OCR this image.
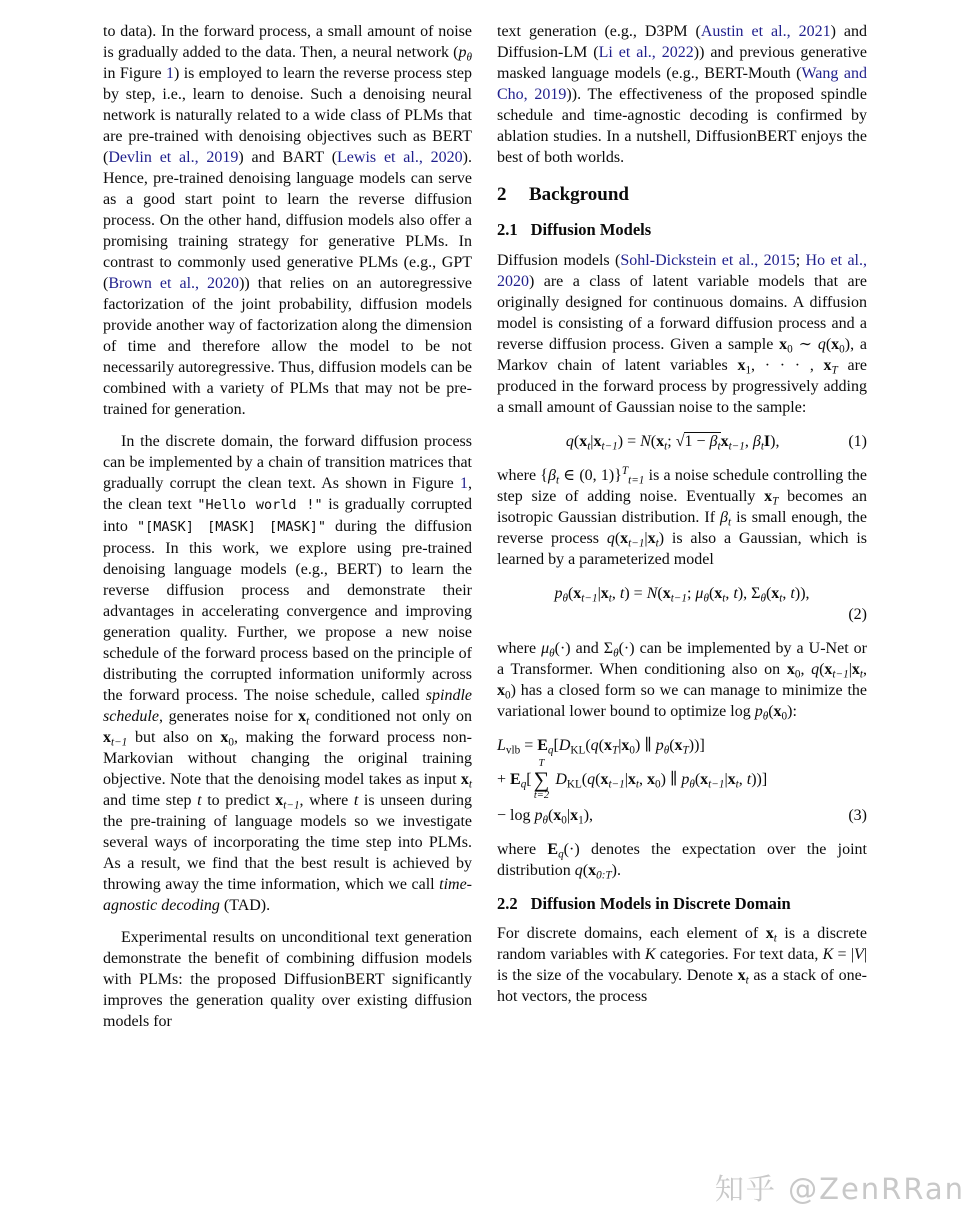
to data). In the forward process, a small amount of noise is gradually added to the data. Then, a neural network ($p_\theta$ in Figure 1) is employed to learn the reverse process step by step, i.e., learn to denoise. Such a denoising neural network is naturally related to a wide class of PLMs that are pre-trained with denoising objectives such as BERT (Devlin et al., 2019) and BART (Lewis et al., 2020). Hence, pre-trained denoising language models can serve as a good start point to learn the reverse diffusion process. On the other hand, diffusion models also offer a promising training strategy for generative PLMs. In contrast to commonly used generative PLMs (e.g., GPT (Brown et al., 2020)) that relies on an autoregressive factorization of the joint probability, diffusion models provide another way of factorization along the dimension of time and therefore allow the model to be not necessarily autoregressive. Thus, diffusion models can be combined with a variety of PLMs that may not be pre-trained for generation.

In the discrete domain, the forward diffusion process can be implemented by a chain of transition matrices that gradually corrupt the clean text. As shown in Figure 1, the clean text "Hello world !" is gradually corrupted into "[MASK] [MASK] [MASK]" during the diffusion process. In this work, we explore using pre-trained denoising language models (e.g., BERT) to learn the reverse diffusion process and demonstrate their advantages in accelerating convergence and improving generation quality. Further, we propose a new noise schedule of the forward process based on the principle of distributing the corrupted information uniformly across the forward process. The noise schedule, called spindle schedule, generates noise for $x_t$ conditioned not only on $x_{t-1}$ but also on $x_0$, making the forward process non-Markovian without changing the original training objective. Note that the denoising model takes as input $x_t$ and time step t to predict $x_{t-1}$, where t is unseen during the pre-training of language models so we investigate several ways of incorporating the time step into PLMs. As a result, we find that the best result is achieved by throwing away the time information, which we call time-agnostic decoding (TAD).

Experimental results on unconditional text generation demonstrate the benefit of combining diffusion models with PLMs: the proposed DiffusionBERT significantly improves the generation quality over existing diffusion models for

text generation (e.g., D3PM (Austin et al., 2021) and Diffusion-LM (Li et al., 2022)) and previous generative masked language models (e.g., BERT-Mouth (Wang and Cho, 2019)). The effectiveness of the proposed spindle schedule and time-agnostic decoding is confirmed by ablation studies. In a nutshell, DiffusionBERT enjoys the best of both worlds.

2 Background
2.1 Diffusion Models

Diffusion models (Sohl-Dickstein et al., 2015; Ho et al., 2020) are a class of latent variable models that are originally designed for continuous domains. A diffusion model is consisting of a forward diffusion process and a reverse diffusion process. Given a sample $x_0$ ∼ $q(x_0)$, a Markov chain of latent variables $x_1$, · · · , $x_T$ are produced in the forward process by progressively adding a small amount of Gaussian noise to the sample:

$q(x_t|x_{t-1}) = N(x_t$; $√1 - \beta_tx_{t-1}$, $\beta_tI$),	(1)

where {$\beta_t$ ∈ (0, 1)}$^T_{t=1}$ is a noise schedule controlling the step size of adding noise. Eventually $x_T$ becomes an isotropic Gaussian distribution. If $\beta_t$ is small enough, the reverse process $q(x_{t-1}|x_t)$ is also a Gaussian, which is learned by a parameterized model

$p_\theta(x_{t-1}|x_t$, $t) = N(x_{t-1}$; $\mu_\theta(x_t$, t), $\Sigma_\theta(x_t$, t)),
(2)

where $\mu_\theta(\cdot)$ and $\Sigma_\theta(\cdot)$ can be implemented by a U-Net or a Transformer. When conditioning also on $x_0$, $q(x_{t-1}|x_t$, $x_0$) has a closed form so we can manage to minimize the variational lower bound to optimize $\log p_\theta(x_0)$:

$L_{vlb} = E_q[D_{KL}(q(x_T|x_0)$ ∥ $p_\theta(x_T)$)]
+ $E_q$[
T
∑
t=2
$D_{KL}(q(x_{t-1}|x_t$, $x_0$) ∥ $p_\theta(x_{t-1}|x_t$, t))]
− $\log p_\theta(x_0|x_1)$,	(3)

where $E_q(\cdot)$ denotes the expectation over the joint distribution $q(x_{0:T})$.

2.2 Diffusion Models in Discrete Domain

For discrete domains, each element of $x_t$ is a discrete random variables with K categories. For text data, K = |V| is the size of the vocabulary. Denote $x_t$ as a stack of one-hot vectors, the process

知乎 @ZenRRan
